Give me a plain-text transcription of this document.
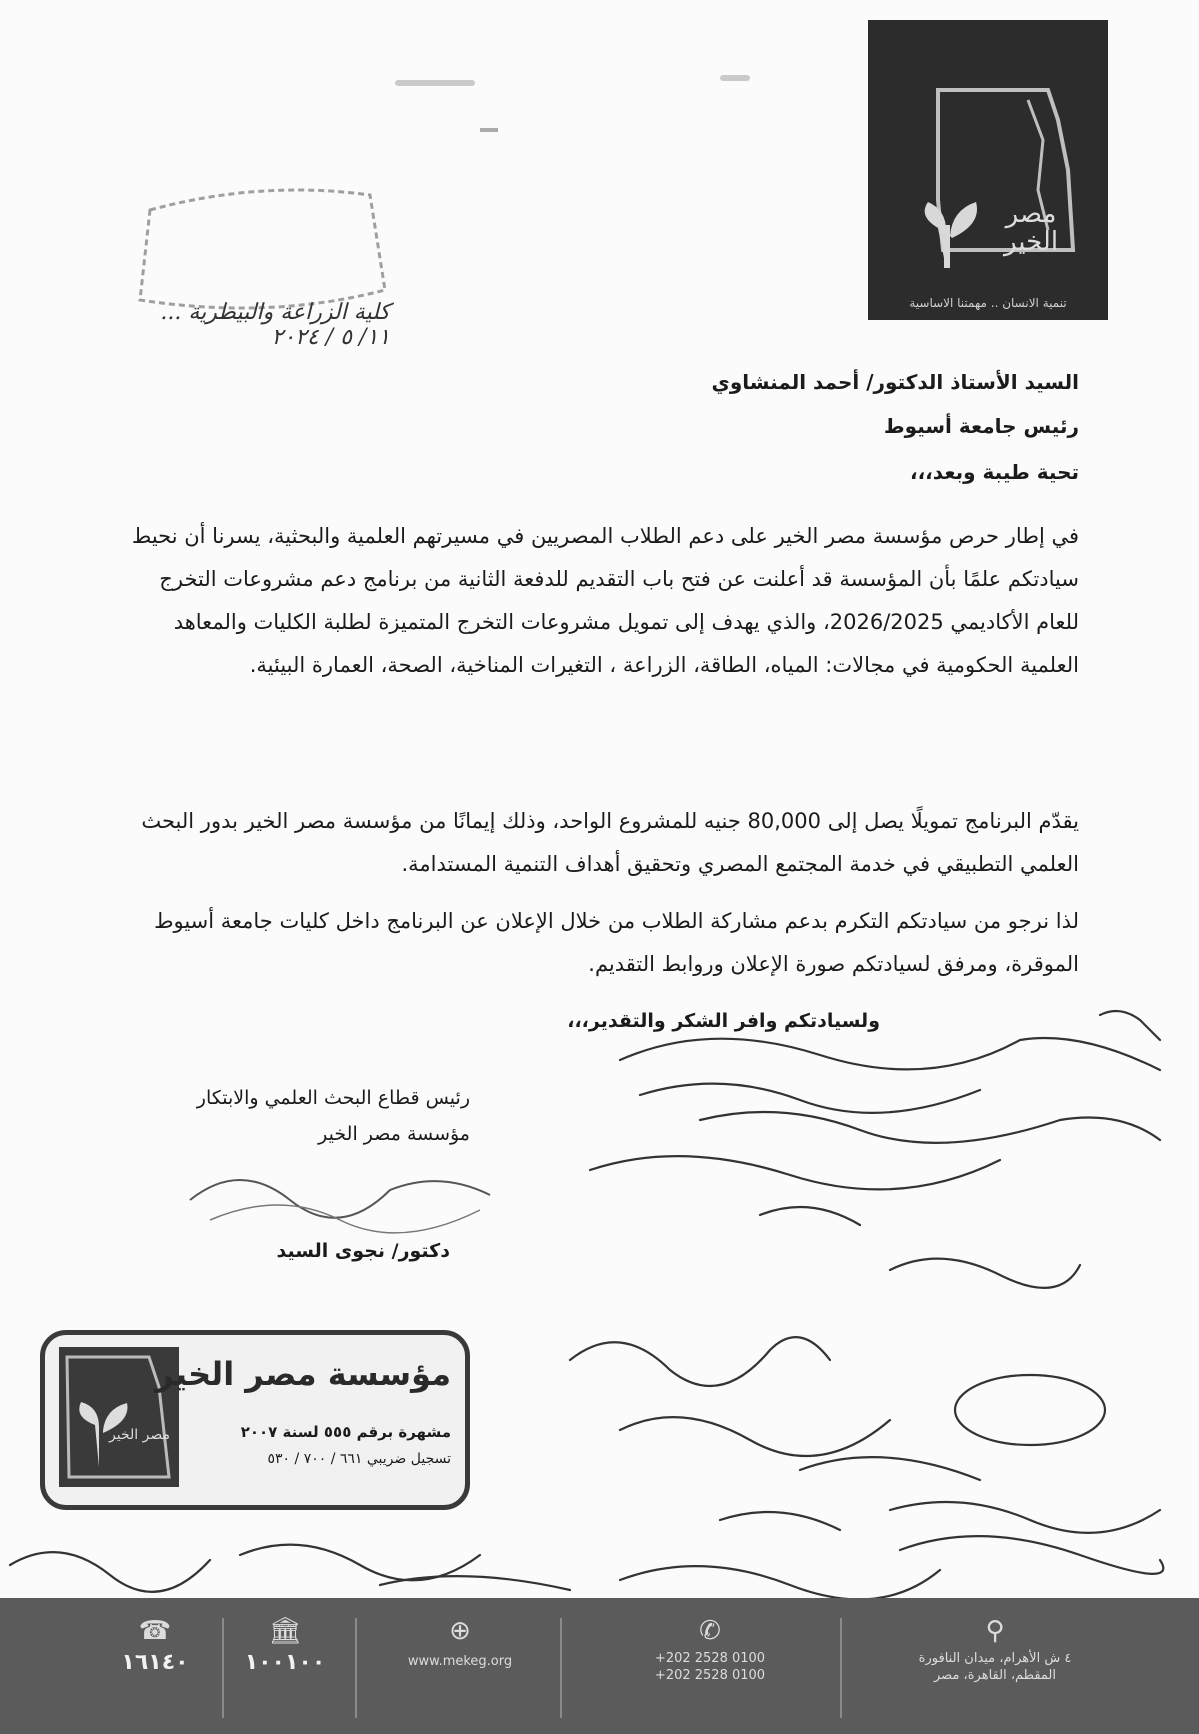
مصر الخير
تنمية الانسان .. مهمتنا الاساسية
كلية الزراعة والبيطرية ... ١١/ ٥ / ٢٠٢٤
السيد الأستاذ الدكتور/ أحمد المنشاوي
رئيس جامعة أسيوط
تحية طيبة وبعد،،،
في إطار حرص مؤسسة مصر الخير على دعم الطلاب المصريين في مسيرتهم العلمية والبحثية، يسرنا أن نحيط سيادتكم علمًا بأن المؤسسة قد أعلنت عن فتح باب التقديم للدفعة الثانية من برنامج دعم مشروعات التخرج للعام الأكاديمي 2026/2025، والذي يهدف إلى تمويل مشروعات التخرج المتميزة لطلبة الكليات والمعاهد العلمية الحكومية في مجالات: المياه، الطاقة، الزراعة ، التغيرات المناخية، الصحة، العمارة البيئية.
يقدّم البرنامج تمويلًا يصل إلى 80,000 جنيه للمشروع الواحد، وذلك إيمانًا من مؤسسة مصر الخير بدور البحث العلمي التطبيقي في خدمة المجتمع المصري وتحقيق أهداف التنمية المستدامة.
لذا نرجو من سيادتكم التكرم بدعم مشاركة الطلاب من خلال الإعلان عن البرنامج داخل كليات جامعة أسيوط الموقرة، ومرفق لسيادتكم صورة الإعلان وروابط التقديم.
ولسيادتكم وافر الشكر والتقدير،،،
رئيس قطاع البحث العلمي والابتكار
مؤسسة مصر الخير
دكتور/ نجوى السيد
مصر الخير
مؤسسة مصر الخير
مشهرة برقم ٥٥٥ لسنة ٢٠٠٧
تسجيل ضريبي ٦٦١ / ٧٠٠ / ٥٣٠
☎
١٦١٤٠
🏛
١٠٠١٠٠
⊕
www.mekeg.org
✆
+202 2528 0100
+202 2528 0100
⚲
٤ ش الأهرام، ميدان النافورة
المقطم، القاهرة، مصر
